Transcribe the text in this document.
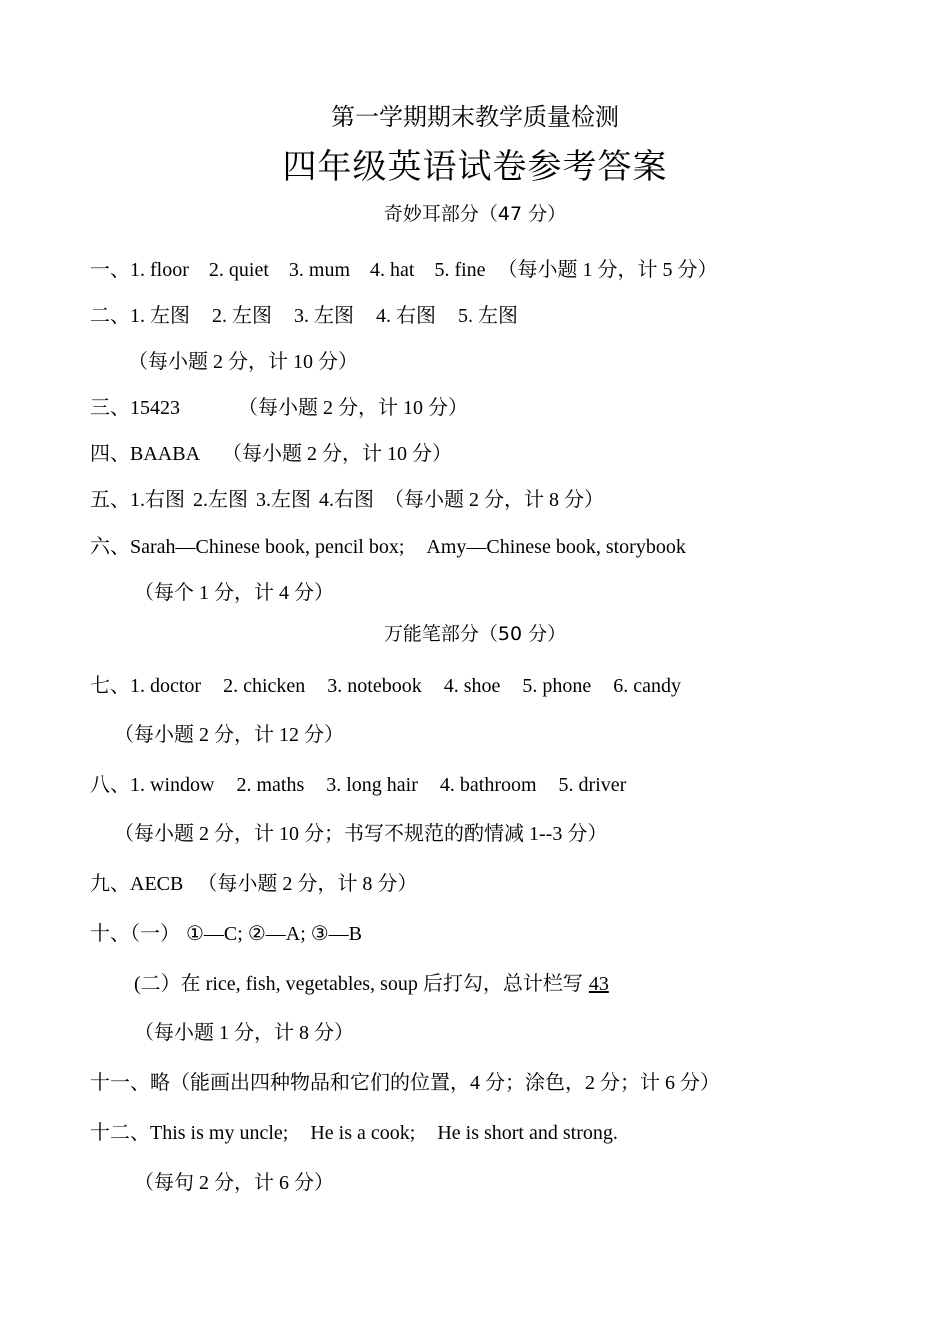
第一学期期末教学质量检测
四年级英语试卷参考答案
奇妙耳部分（47 分）
一、1. floor 2. quiet 3. mum 4. hat 5. fine （每小题 1 分，计 5 分）
二、1. 左图 2. 左图 3. 左图 4. 右图 5. 左图
（每小题 2 分，计 10 分）
三、15423	（每小题 2 分，计 10 分）
四、BAABA （每小题 2 分，计 10 分）
五、1.右图 2.左图 3.左图 4.右图 （每小题 2 分，计 8 分）
六、Sarah—Chinese book, pencil box; Amy—Chinese book, storybook
（每个 1 分，计 4 分）
万能笔部分（50 分）
七、1. doctor 2. chicken 3. notebook 4. shoe 5. phone 6. candy
（每小题 2 分，计 12 分）
八、1. window 2. maths 3. long hair 4. bathroom 5. driver
（每小题 2 分，计 10 分；书写不规范的酌情减 1--3 分）
九、AECB （每小题 2 分，计 8 分）
十、（一） ①—C; ②—A; ③—B
(二）在 rice, fish, vegetables, soup 后打勾，总计栏写 43
（每小题 1 分，计 8 分）
十一、略（能画出四种物品和它们的位置，4 分；涂色，2 分；计 6 分）
十二、This is my uncle; He is a cook; He is short and strong.
（每句 2 分，计 6 分）
